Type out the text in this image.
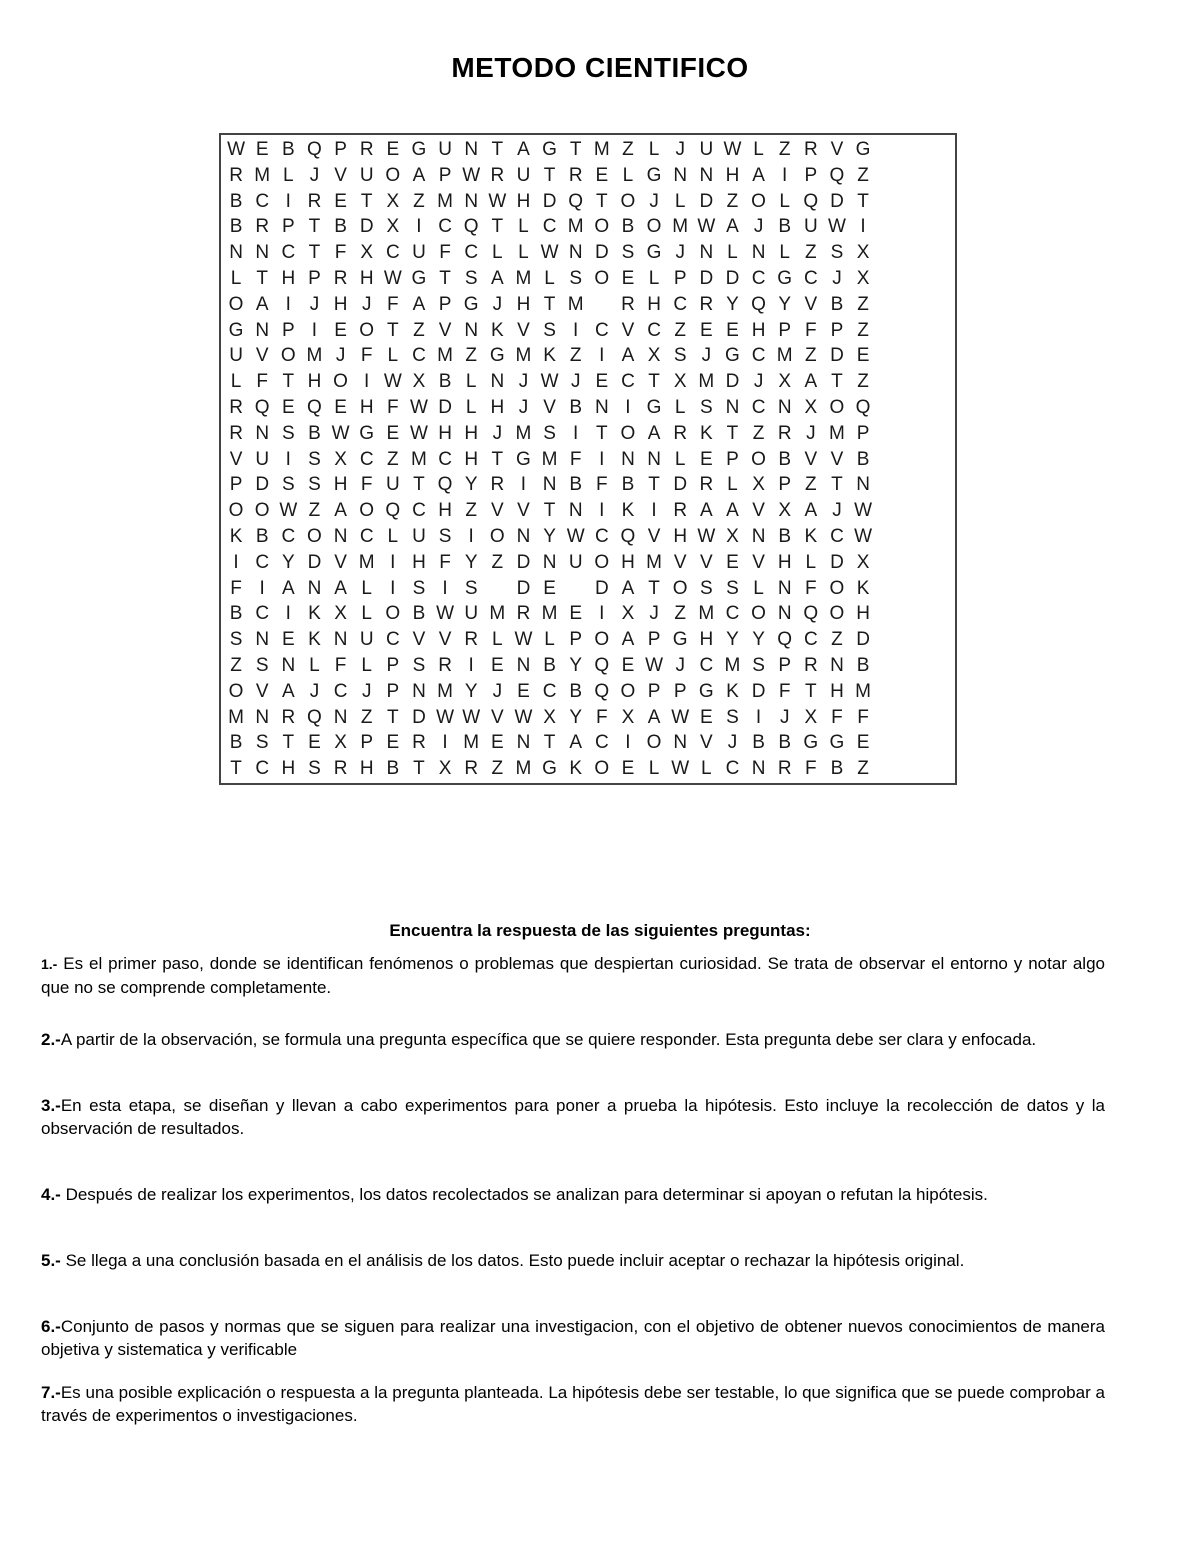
METODO CIENTIFICO
W E B Q P R E G U N T A G T M Z L J U W L Z R V G
R M L J V U O A P W R U T R E L G N N H A I P Q Z
B C I R E T X Z M N W H D Q T O J L D Z O L Q D T
B R P T B D X I C Q T L C M O B O M W A J B U W I
N N C T F X C U F C L L W N D S G J N L N L Z S X
L T H P R H W G T S A M L S O E L P D D C G C J X
O A I J H J F A P G J H T M	R H C R Y Q Y V B Z
G N P I E O T Z V N K V S I C V C Z E E H P F P Z
U V O M J F L C M Z G M K Z I A X S J G C M Z D E
L F T H O I W X B L N J W J E C T X M D J X A T Z
R Q E Q E H F W D L H J V B N I G L S N C N X O Q
R N S B W G E W H H J M S I T O A R K T Z R J M P
V U I S X C Z M C H T G M F I N N L E P O B V V B
P D S S H F U T Q Y R I N B F B T D R L X P Z T N
O O W Z A O Q C H Z V V T N I K I R A A V X A J W
K B C O N C L U S I O N Y W C Q V H W X N B K C W
I C Y D V M I H F Y Z D N U O H M V V E V H L D X
F I A N A L I S I S	D E	D A T O S S L N F O K
B C I K X L O B W U M R M E I X J Z M C O N Q O H
S N E K N U C V V R L W L P O A P G H Y Y Q C Z D
Z S N L F L P S R I E N B Y Q E W J C M S P R N B
O V A J C J P N M Y J E C B Q O P P G K D F T H M
M N R Q N Z T D W W V W X Y F X A W E S I J X F F
B S T E X P E R I M E N T A C I O N V J B B G G E
T C H S R H B T X R Z M G K O E L W L C N R F B Z
Encuentra la respuesta de las siguientes preguntas:
1.- Es el primer paso, donde se identifican fenómenos o problemas que despiertan curiosidad. Se trata de observar el entorno y notar algo que no se comprende completamente.
2.-A partir de la observación, se formula una pregunta específica que se quiere responder. Esta pregunta debe ser clara y enfocada.
3.-En esta etapa, se diseñan y llevan a cabo experimentos para poner a prueba la hipótesis. Esto incluye la recolección de datos y la observación de resultados.
4.- Después de realizar los experimentos, los datos recolectados se analizan para determinar si apoyan o refutan la hipótesis.
5.- Se llega a una conclusión basada en el análisis de los datos. Esto puede incluir aceptar o rechazar la hipótesis original.
6.-Conjunto de pasos y normas que se siguen para realizar una investigacion, con el objetivo de obtener nuevos conocimientos de manera objetiva y sistematica y verificable
7.-Es una posible explicación o respuesta a la pregunta planteada. La hipótesis debe ser testable, lo que significa que se puede comprobar a través de experimentos o investigaciones.
